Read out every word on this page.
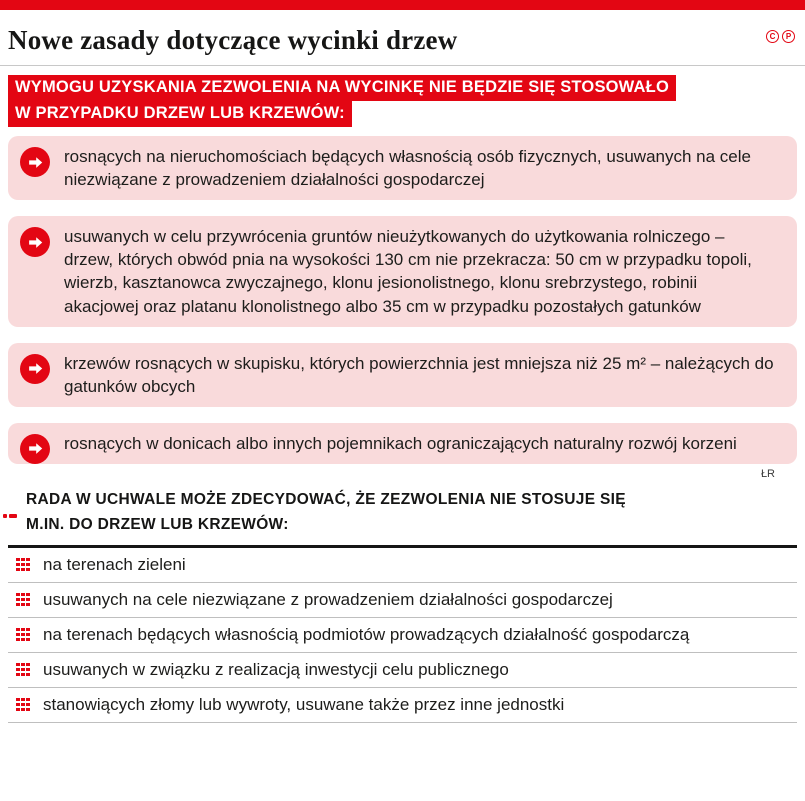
Nowe zasady dotyczące wycinki drzew	C	P
WYMOGU UZYSKANIA ZEZWOLENIA NA WYCINKĘ NIE BĘDZIE SIĘ STOSOWAŁO
W PRZYPADKU DRZEW LUB KRZEWÓW:

rosnących na nieruchomościach będących własnością osób fizycznych, usuwanych na cele niezwiązane z prowadzeniem działalności gospodarczej

usuwanych w celu przywrócenia gruntów nieużytkowanych do użytkowania rolniczego – drzew, których obwód pnia na wysokości 130 cm nie przekracza: 50 cm w przypadku topoli, wierzb, kasztanowca zwyczajnego, klonu jesionolistnego, klonu srebrzystego, robinii akacjowej oraz platanu klonolistnego albo 35 cm w przypadku pozostałych gatunków

krzewów rosnących w skupisku, których powierzchnia jest mniejsza niż 25 m² – należących do gatunków obcych

rosnących w donicach albo innych pojemnikach ograniczających naturalny rozwój korzeni

ŁR
RADA W UCHWALE MOŻE ZDECYDOWAĆ, ŻE ZEZWOLENIA NIE STOSUJE SIĘ M.IN. DO DRZEW LUB KRZEWÓW:
na terenach zieleni
usuwanych na cele niezwiązane z prowadzeniem działalności gospodarczej
na terenach będących własnością podmiotów prowadzących działalność gospodarczą
usuwanych w związku z realizacją inwestycji celu publicznego
stanowiących złomy lub wywroty, usuwane także przez inne jednostki
